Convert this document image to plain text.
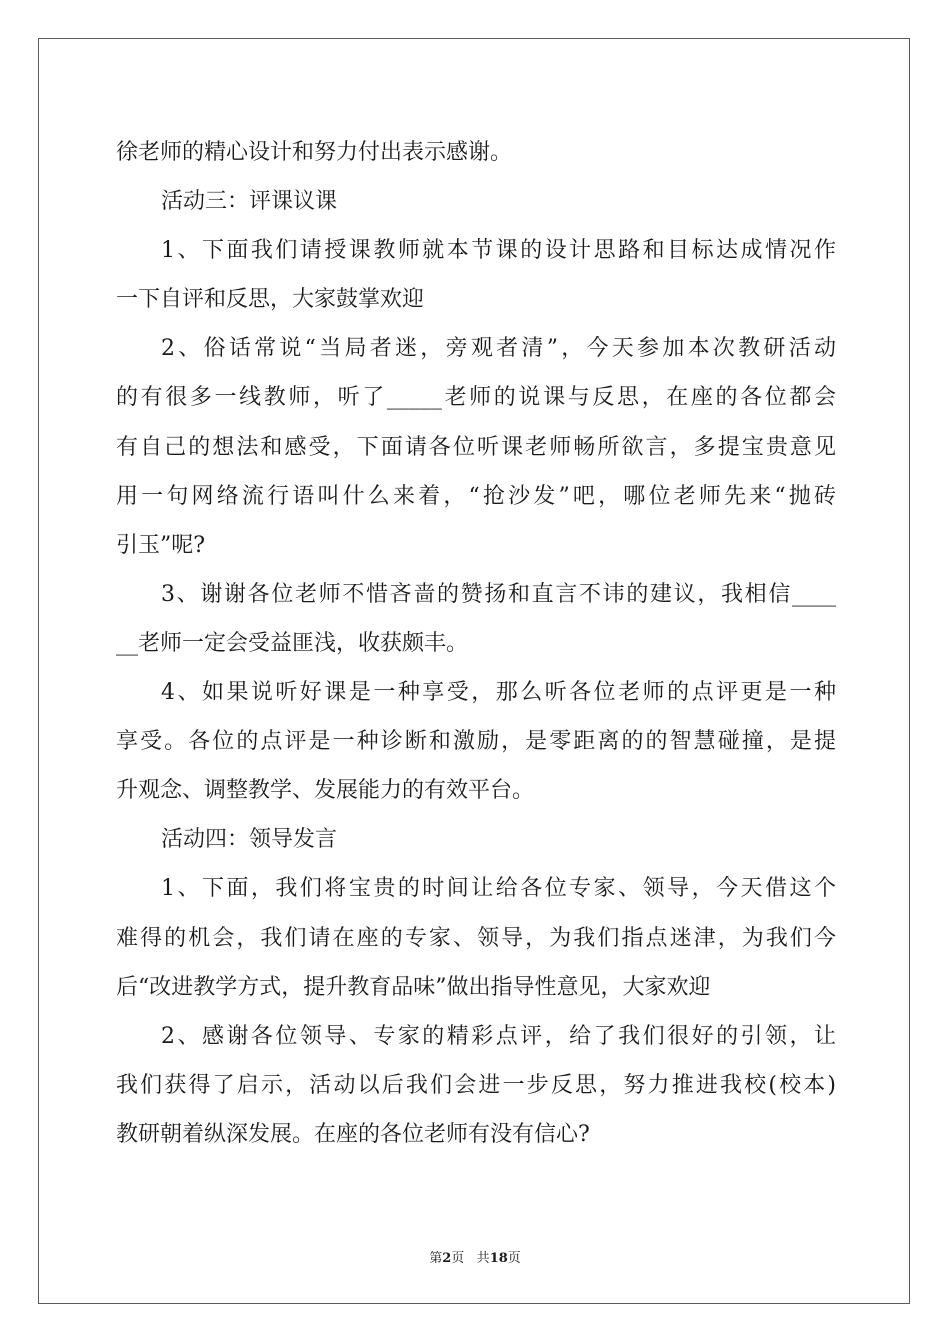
徐老师的精心设计和努力付出表示感谢。
活动三：评课议课
1、下面我们请授课教师就本节课的设计思路和目标达成情况作
一下自评和反思，大家鼓掌欢迎
2、俗话常说“当局者迷，旁观者清”，今天参加本次教研活动
的有很多一线教师，听了_____老师的说课与反思，在座的各位都会
有自己的想法和感受，下面请各位听课老师畅所欲言，多提宝贵意见
用一句网络流行语叫什么来着，“抢沙发”吧，哪位老师先来“抛砖
引玉”呢?
3、谢谢各位老师不惜吝啬的赞扬和直言不讳的建议，我相信____
__老师一定会受益匪浅，收获颇丰。
4、如果说听好课是一种享受，那么听各位老师的点评更是一种
享受。各位的点评是一种诊断和激励，是零距离的的智慧碰撞，是提
升观念、调整教学、发展能力的有效平台。
活动四：领导发言
1、下面，我们将宝贵的时间让给各位专家、领导，今天借这个
难得的机会，我们请在座的专家、领导，为我们指点迷津，为我们今
后“改进教学方式，提升教育品味”做出指导性意见，大家欢迎
2、感谢各位领导、专家的精彩点评，给了我们很好的引领，让
我们获得了启示，活动以后我们会进一步反思，努力推进我校(校本)
教研朝着纵深发展。在座的各位老师有没有信心?
第2页 共18页
